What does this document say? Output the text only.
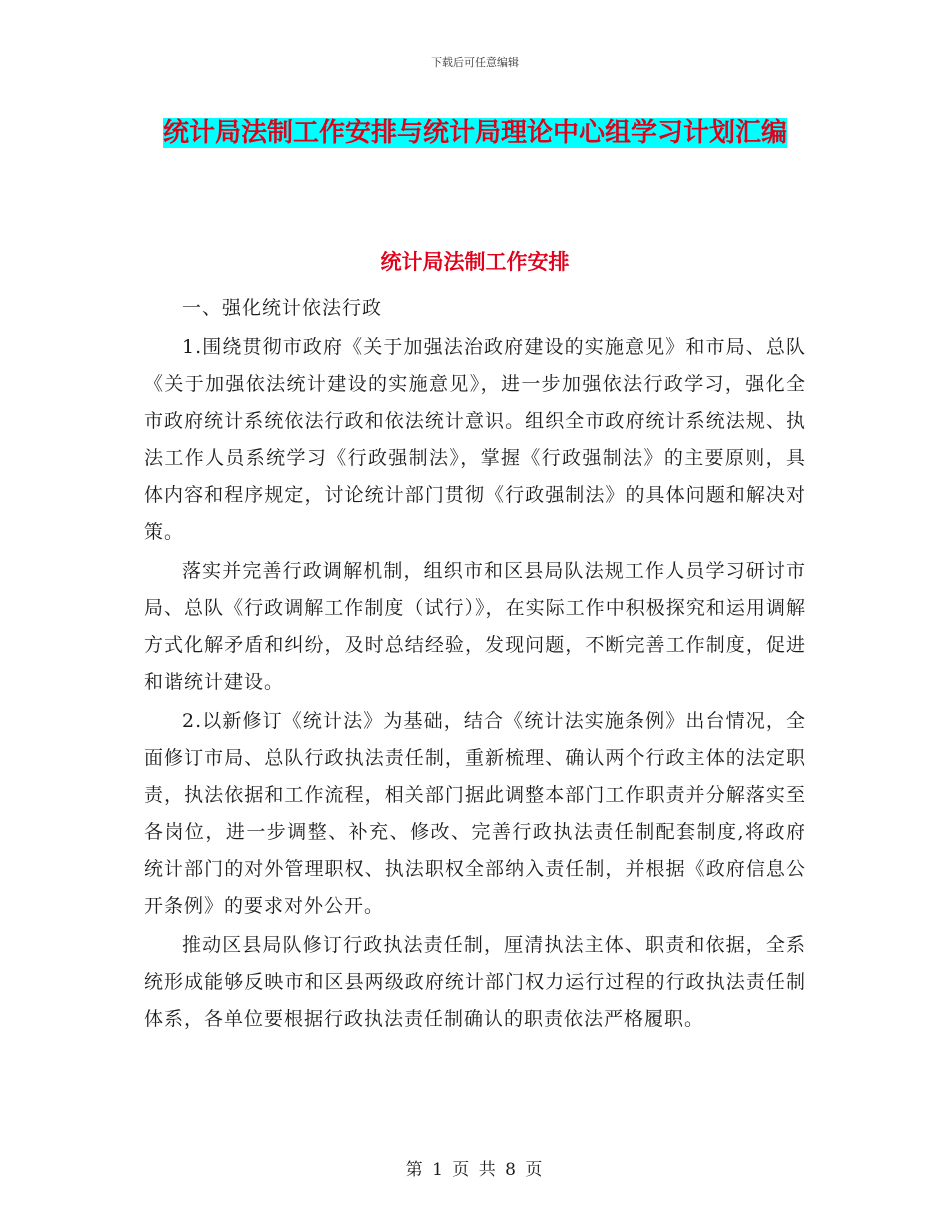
下载后可任意编辑
统计局法制工作安排与统计局理论中心组学习计划汇编
统计局法制工作安排

一、强化统计依法行政

1.围绕贯彻市政府《关于加强法治政府建设的实施意见》和市局、总队《关于加强依法统计建设的实施意见》，进一步加强依法行政学习，强化全市政府统计系统依法行政和依法统计意识。组织全市政府统计系统法规、执法工作人员系统学习《行政强制法》，掌握《行政强制法》的主要原则，具体内容和程序规定，讨论统计部门贯彻《行政强制法》的具体问题和解决对策。

落实并完善行政调解机制，组织市和区县局队法规工作人员学习研讨市局、总队《行政调解工作制度（试行）》，在实际工作中积极探究和运用调解方式化解矛盾和纠纷，及时总结经验，发现问题，不断完善工作制度，促进和谐统计建设。

2.以新修订《统计法》为基础，结合《统计法实施条例》出台情况，全面修订市局、总队行政执法责任制，重新梳理、确认两个行政主体的法定职责，执法依据和工作流程，相关部门据此调整本部门工作职责并分解落实至各岗位，进一步调整、补充、修改、完善行政执法责任制配套制度,将政府统计部门的对外管理职权、执法职权全部纳入责任制，并根据《政府信息公开条例》的要求对外公开。

推动区县局队修订行政执法责任制，厘清执法主体、职责和依据，全系统形成能够反映市和区县两级政府统计部门权力运行过程的行政执法责任制体系，各单位要根据行政执法责任制确认的职责依法严格履职。

第 1 页 共 8 页
